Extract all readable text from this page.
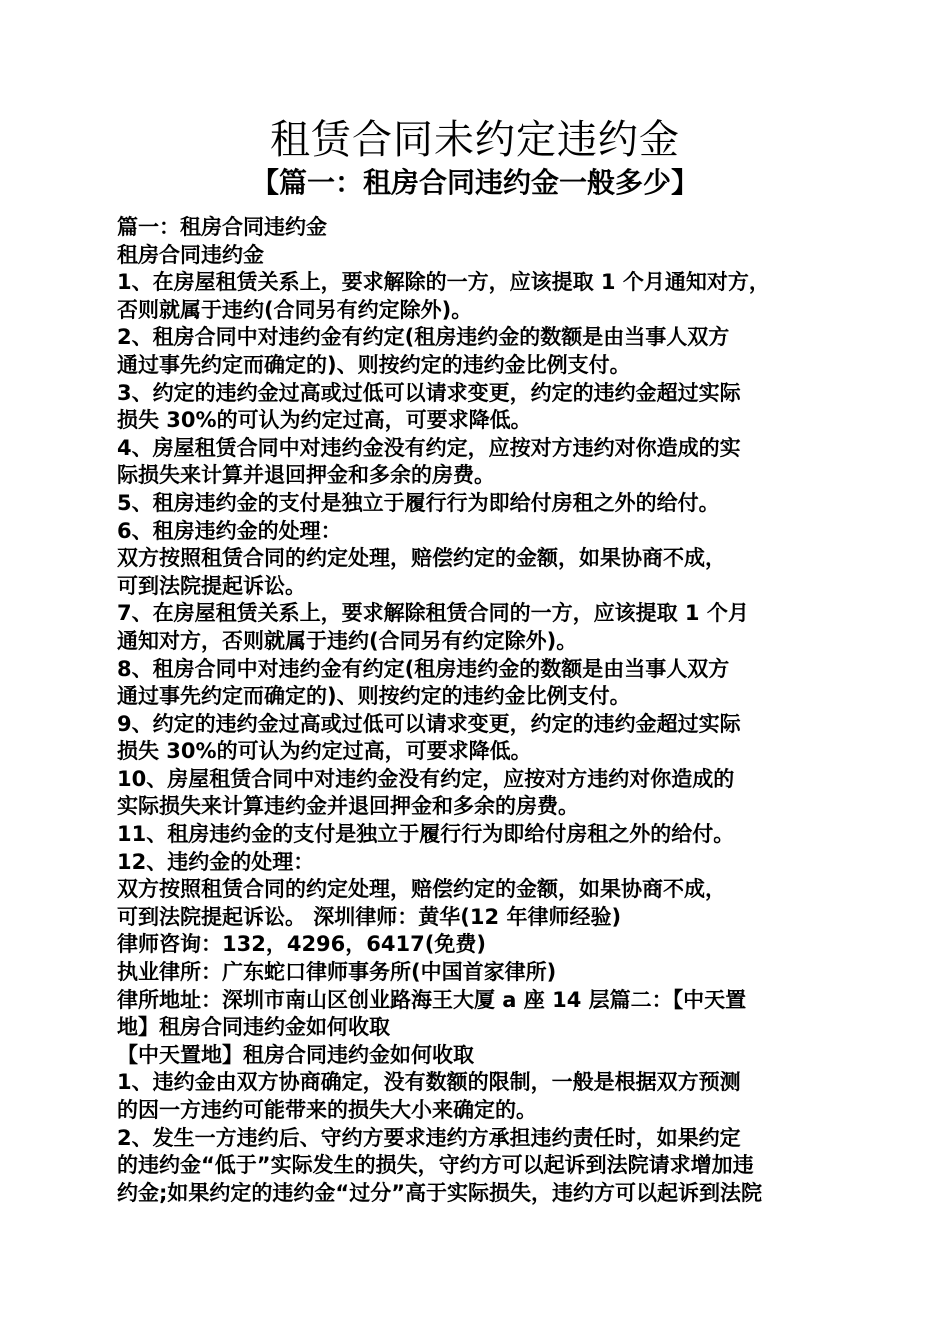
租赁合同未约定违约金
【篇一：租房合同违约金一般多少】
篇一：租房合同违约金
租房合同违约金
1、在房屋租赁关系上，要求解除的一方，应该提取 1 个月通知对方，
否则就属于违约(合同另有约定除外)。
2、租房合同中对违约金有约定(租房违约金的数额是由当事人双方
通过事先约定而确定的)、则按约定的违约金比例支付。
3、约定的违约金过高或过低可以请求变更，约定的违约金超过实际
损失 30%的可认为约定过高，可要求降低。
4、房屋租赁合同中对违约金没有约定，应按对方违约对你造成的实
际损失来计算并退回押金和多余的房费。
5、租房违约金的支付是独立于履行行为即给付房租之外的给付。
6、租房违约金的处理：
双方按照租赁合同的约定处理，赔偿约定的金额，如果协商不成，
可到法院提起诉讼。
7、在房屋租赁关系上，要求解除租赁合同的一方，应该提取 1 个月
通知对方，否则就属于违约(合同另有约定除外)。
8、租房合同中对违约金有约定(租房违约金的数额是由当事人双方
通过事先约定而确定的)、则按约定的违约金比例支付。
9、约定的违约金过高或过低可以请求变更，约定的违约金超过实际
损失 30%的可认为约定过高，可要求降低。
10、房屋租赁合同中对违约金没有约定，应按对方违约对你造成的
实际损失来计算违约金并退回押金和多余的房费。
11、租房违约金的支付是独立于履行行为即给付房租之外的给付。
12、违约金的处理：
双方按照租赁合同的约定处理，赔偿约定的金额，如果协商不成，
可到法院提起诉讼。 深圳律师：黄华(12 年律师经验)
律师咨询：132，4296，6417(免费)
执业律所：广东蛇口律师事务所(中国首家律所)
律所地址：深圳市南山区创业路海王大厦 a 座 14 层篇二：【中天置
地】租房合同违约金如何收取
【中天置地】租房合同违约金如何收取
1、违约金由双方协商确定，没有数额的限制，一般是根据双方预测
的因一方违约可能带来的损失大小来确定的。
2、发生一方违约后、守约方要求违约方承担违约责任时，如果约定
的违约金“低于”实际发生的损失，守约方可以起诉到法院请求增加违
约金;如果约定的违约金“过分”高于实际损失，违约方可以起诉到法院
